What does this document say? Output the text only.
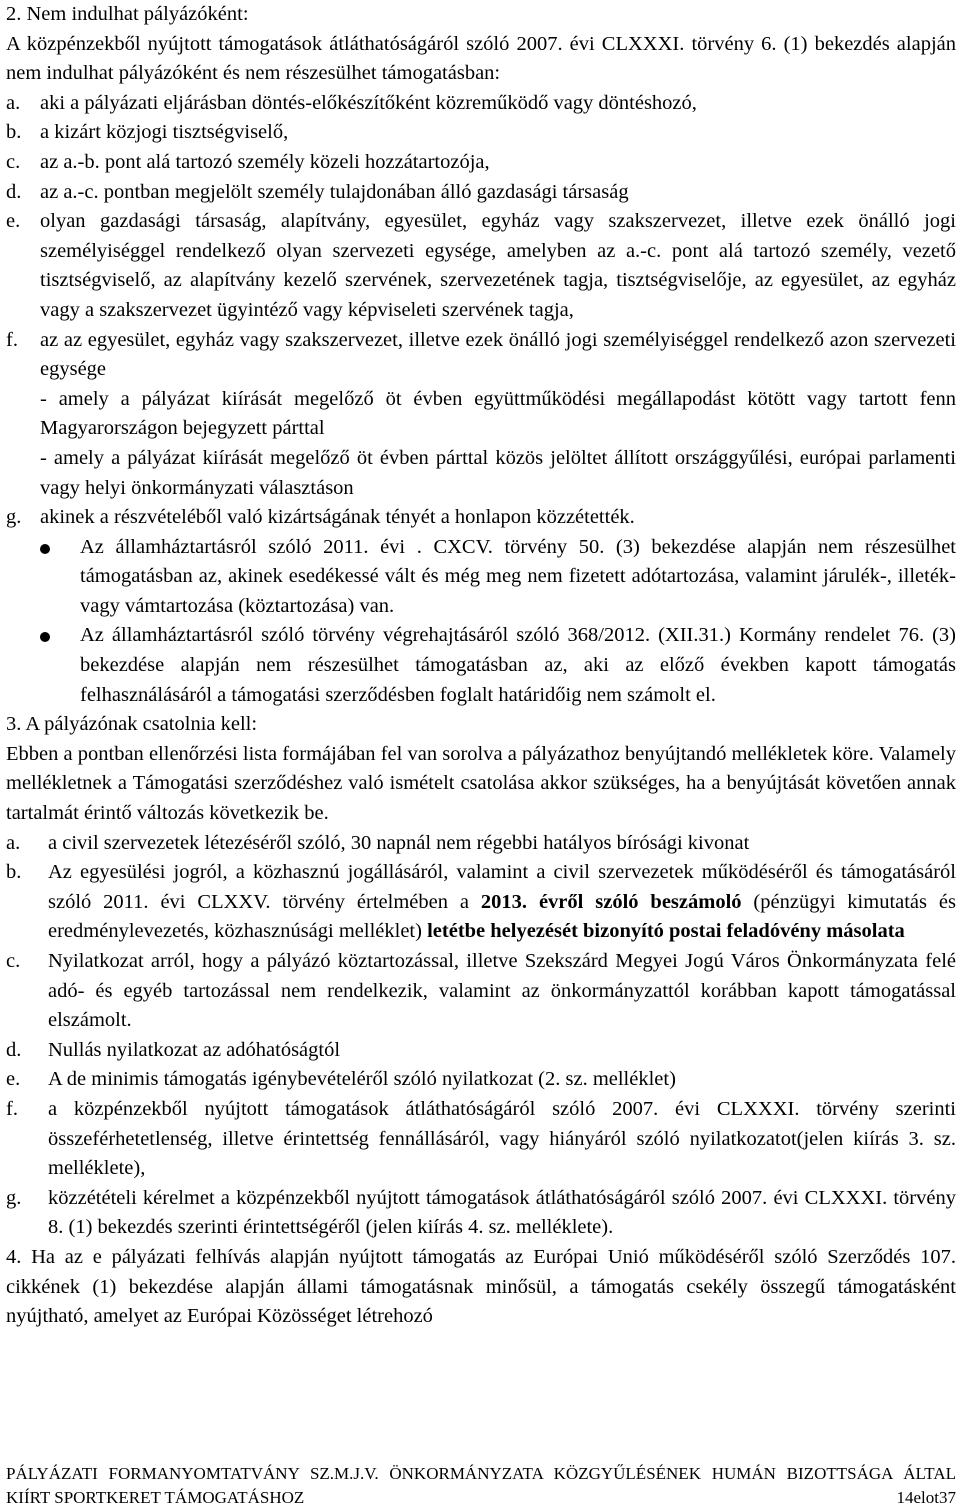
2. Nem indulhat pályázóként:

A közpénzekből nyújtott támogatások átláthatóságáról szóló 2007. évi CLXXXI. törvény 6. (1) bekezdés alapján nem indulhat pályázóként és nem részesülhet támogatásban:

a. aki a pályázati eljárásban döntés-előkészítőként közreműködő vagy döntéshozó,
b. a kizárt közjogi tisztségviselő,
c. az a.-b. pont alá tartozó személy közeli hozzátartozója,
d. az a.-c. pontban megjelölt személy tulajdonában álló gazdasági társaság
e. olyan gazdasági társaság, alapítvány, egyesület, egyház vagy szakszervezet, illetve ezek önálló jogi személyiséggel rendelkező olyan szervezeti egysége, amelyben az a.-c. pont alá tartozó személy, vezető tisztségviselő, az alapítvány kezelő szervének, szervezetének tagja, tisztségviselője, az egyesület, az egyház vagy a szakszervezet ügyintéző vagy képviseleti szervének tagja,
f.	az az egyesület, egyház vagy szakszervezet, illetve ezek önálló jogi személyiséggel rendelkező azon szervezeti egysége

- amely a pályázat kiírását megelőző öt évben együttműködési megállapodást kötött vagy tartott fenn Magyarországon bejegyzett párttal

- amely a pályázat kiírását megelőző öt évben párttal közös jelöltet állított országgyűlési, európai parlamenti vagy helyi önkormányzati választáson

g. akinek a részvételéből való kizártságának tényét a honlapon közzétették.
Az államháztartásról szóló 2011. évi . CXCV. törvény 50. (3) bekezdése alapján nem részesülhet támogatásban az, akinek esedékessé vált és még meg nem fizetett adótartozása, valamint járulék-, illeték- vagy vámtartozása (köztartozása) van.
Az államháztartásról szóló törvény végrehajtásáról szóló 368/2012. (XII.31.) Kormány rendelet 76. (3) bekezdése alapján nem részesülhet támogatásban az, aki az előző években kapott támogatás felhasználásáról a támogatási szerződésben foglalt határidőig nem számolt el.

3. A pályázónak csatolnia kell:

Ebben a pontban ellenőrzési lista formájában fel van sorolva a pályázathoz benyújtandó mellékletek köre. Valamely mellékletnek a Támogatási szerződéshez való ismételt csatolása akkor szükséges, ha a benyújtását követően annak tartalmát érintő változás következik be.

a.	a civil szervezetek létezéséről szóló, 30 napnál nem régebbi hatályos bírósági kivonat
b.	Az egyesülési jogról, a közhasznú jogállásáról, valamint a civil szervezetek működéséről és támogatásáról szóló 2011. évi CLXXV. törvény értelmében a 2013. évről szóló beszámoló (pénzügyi kimutatás és eredménylevezetés, közhasznúsági melléklet) letétbe helyezését bizonyító postai feladóvény másolata
c.	Nyilatkozat arról, hogy a pályázó köztartozással, illetve Szekszárd Megyei Jogú Város Önkormányzata felé adó- és egyéb tartozással nem rendelkezik, valamint az önkormányzattól korábban kapott támogatással elszámolt.
d.	Nullás nyilatkozat az adóhatóságtól
e.	A de minimis támogatás igénybevételéről szóló nyilatkozat (2. sz. melléklet)
f.	a közpénzekből nyújtott támogatások átláthatóságáról szóló 2007. évi CLXXXI. törvény szerinti összeférhetetlenség, illetve érintettség fennállásáról, vagy hiányáról szóló nyilatkozatot(jelen kiírás 3. sz. melléklete),
g.	közzétételi kérelmet a közpénzekből nyújtott támogatások átláthatóságáról szóló 2007. évi CLXXXI. törvény 8. (1) bekezdés szerinti érintettségéről (jelen kiírás 4. sz. melléklete).

4. Ha az e pályázati felhívás alapján nyújtott támogatás az Európai Unió működéséről szóló Szerződés 107. cikkének (1) bekezdése alapján állami támogatásnak minősül, a támogatás csekély összegű támogatásként nyújtható, amelyet az Európai Közösséget létrehozó

PÁLYÁZATI FORMANYOMTATVÁNY SZ.M.J.V. ÖNKORMÁNYZATA KÖZGYŰLÉSÉNEK HUMÁN BIZOTTSÁGA ÁLTAL KIÍRT SPORTKERET TÁMOGATÁSHOZ	14elot37
